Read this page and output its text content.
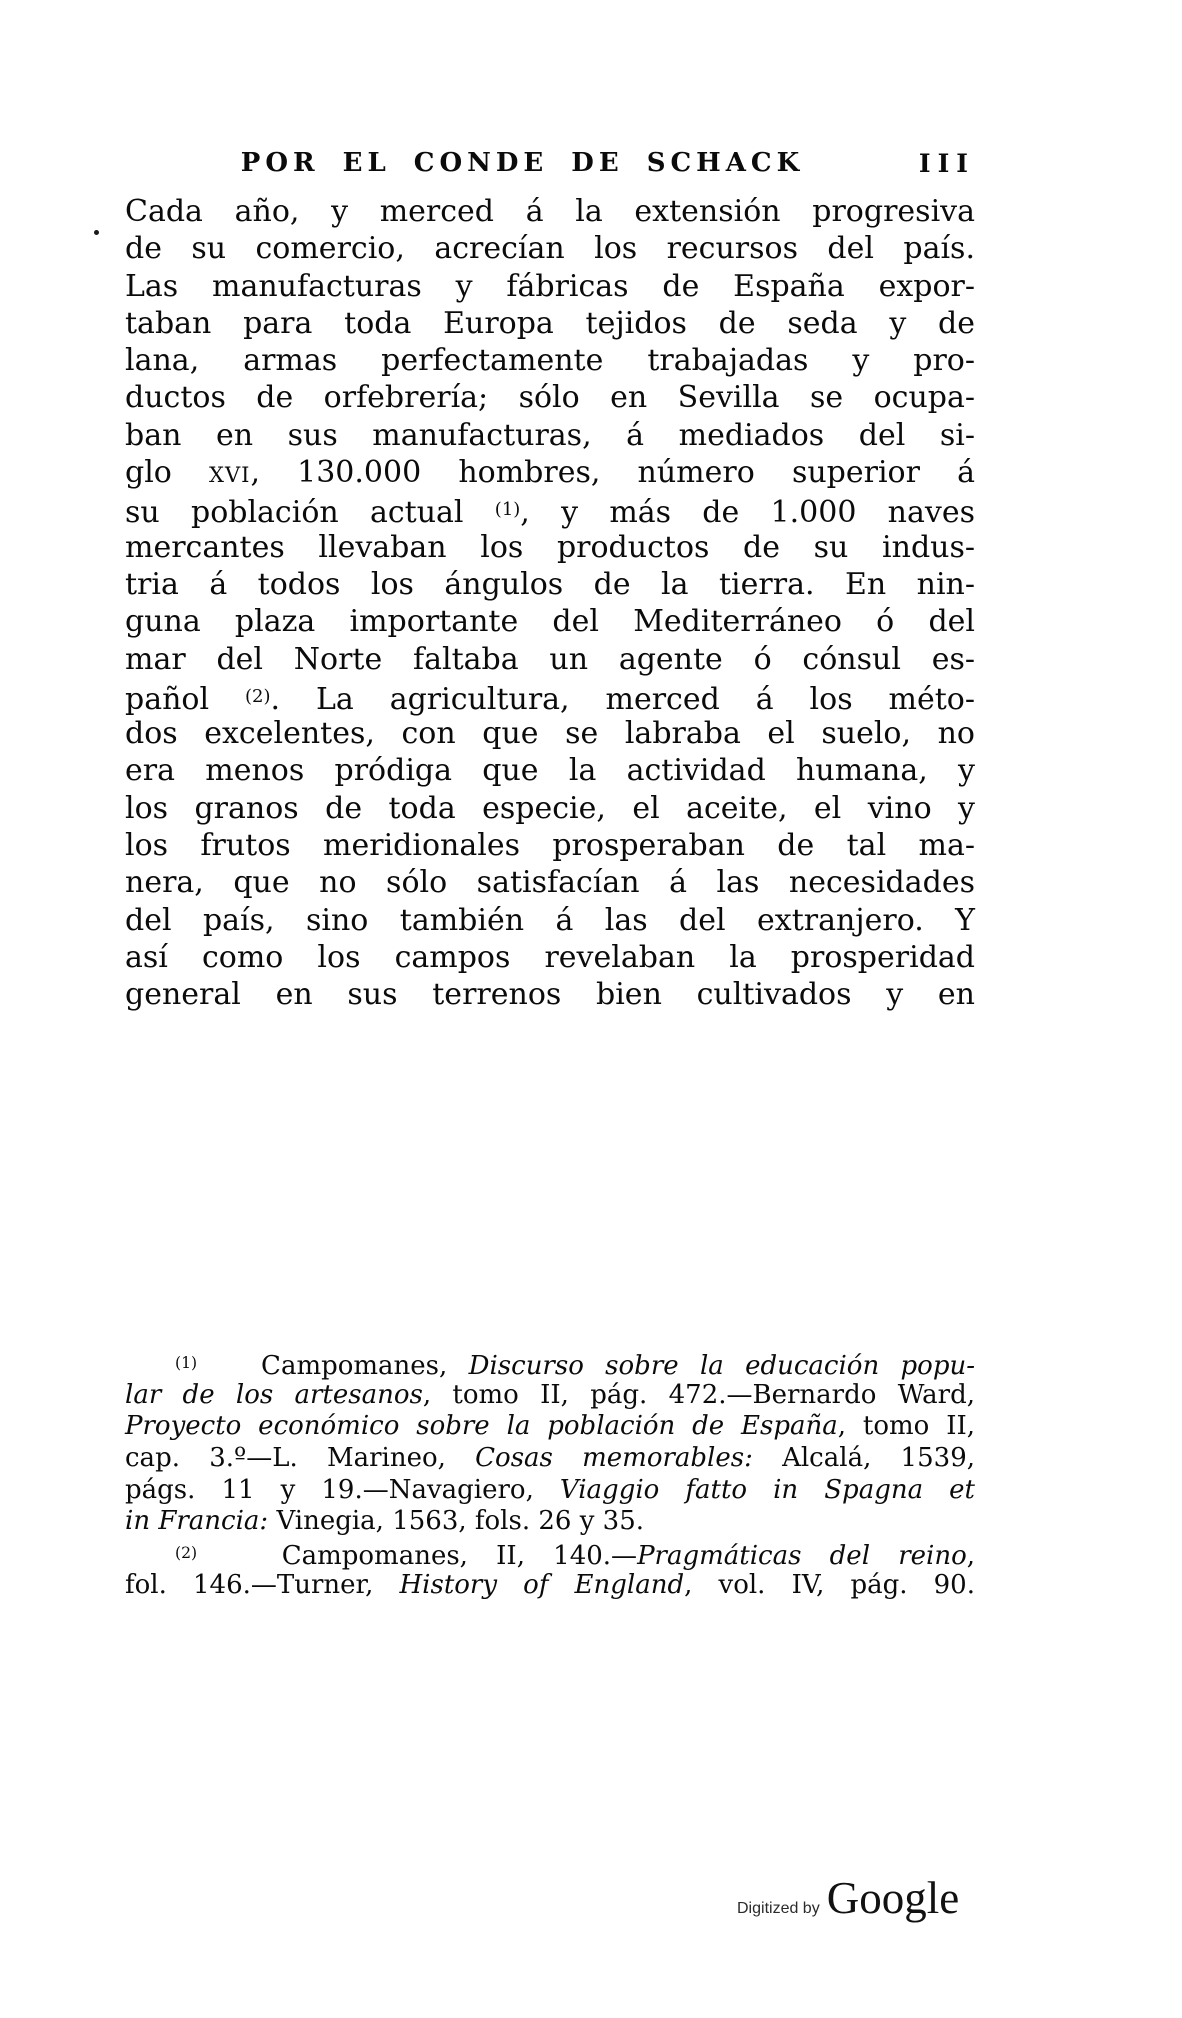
POR EL CONDE DE SCHACK	III
Cada año, y merced á la extensión progresiva
de su comercio, acrecían los recursos del país.
Las manufacturas y fábricas de España expor-
taban para toda Europa tejidos de seda y de
lana, armas perfectamente trabajadas y pro-
ductos de orfebrería; sólo en Sevilla se ocupa-
ban en sus manufacturas, á mediados del si-
glo xvi, 130.000 hombres, número superior á
su población actual $^{(1)}$, y más de 1.000 naves
mercantes llevaban los productos de su indus-
tria á todos los ángulos de la tierra. En nin-
guna plaza importante del Mediterráneo ó del
mar del Norte faltaba un agente ó cónsul es-
pañol $^{(2)}$. La agricultura, merced á los méto-
dos excelentes, con que se labraba el suelo, no
era menos pródiga que la actividad humana, y
los granos de toda especie, el aceite, el vino y
los frutos meridionales prosperaban de tal ma-
nera, que no sólo satisfacían á las necesidades
del país, sino también á las del extranjero. Y
así como los campos revelaban la prosperidad
general en sus terrenos bien cultivados y en
$^{(1)}$   Campomanes, Discurso sobre la educación popu-
lar de los artesanos, tomo II, pág. 472.—Bernardo Ward,
Proyecto económico sobre la población de España, tomo II,
cap. 3.º—L. Marineo, Cosas memorables: Alcalá, 1539,
págs. 11 y 19.—Navagiero, Viaggio fatto in Spagna et
in Francia: Vinegia, 1563, fols. 26 y 35.
$^{(2)}$   Campomanes, II, 140.—Pragmáticas del reino,
fol. 146.—Turner, History of England, vol. IV, pág. 90.
Digitized by Google
